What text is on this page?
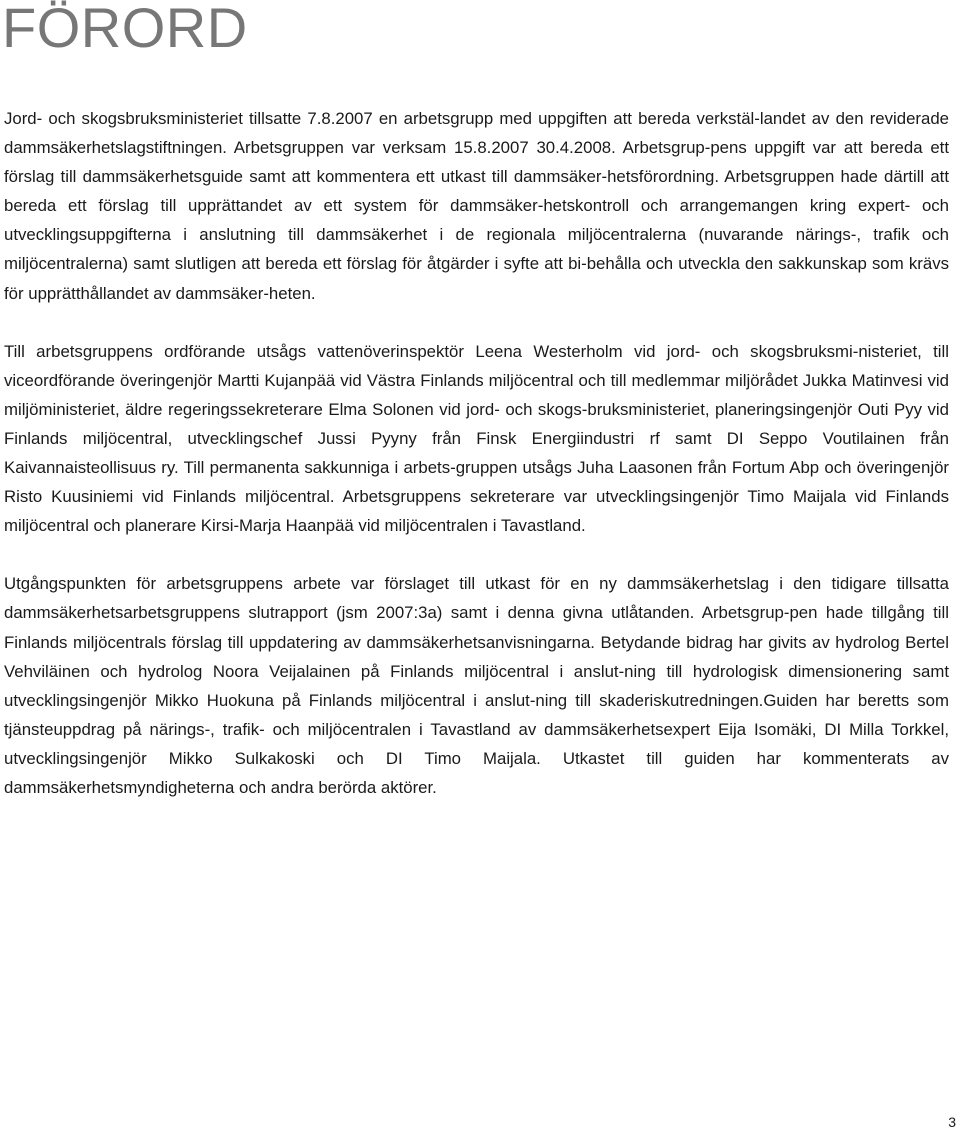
FÖRORD

Jord- och skogsbruksministeriet tillsatte 7.8.2007 en arbetsgrupp med uppgiften att bereda verkstäl-landet av den reviderade dammsäkerhetslagstiftningen. Arbetsgruppen var verksam 15.8.2007 30.4.2008. Arbetsgrup-pens uppgift var att bereda ett förslag till dammsäkerhetsguide samt att kommentera ett utkast till dammsäker-hetsförordning. Arbetsgruppen hade därtill att bereda ett förslag till upprättandet av ett system för dammsäker-hetskontroll och arrangemangen kring expert- och utvecklingsuppgifterna i anslutning till dammsäkerhet i de regionala miljöcentralerna (nuvarande närings-, trafik och miljöcentralerna) samt slutligen att bereda ett förslag för åtgärder i syfte att bi-behålla och utveckla den sakkunskap som krävs för upprätthållandet av dammsäker-heten.

Till arbetsgruppens ordförande utsågs vattenöverinspektör Leena Westerholm vid jord- och skogsbruksmi-nisteriet, till viceordförande överingenjör Martti Kujanpää vid Västra Finlands miljöcentral och till medlemmar miljörådet Jukka Matinvesi vid miljöministeriet, äldre regeringssekreterare Elma Solonen vid jord- och skogs-bruksministeriet, planeringsingenjör Outi Pyy vid Finlands miljöcentral, utvecklingschef Jussi Pyyny från Finsk Energiindustri rf samt DI Seppo Voutilainen från Kaivannaisteollisuus ry. Till permanenta sakkunniga i arbets-gruppen utsågs Juha Laasonen från Fortum Abp och överingenjör Risto Kuusiniemi vid Finlands miljöcentral. Arbetsgruppens sekreterare var utvecklingsingenjör Timo Maijala vid Finlands miljöcentral och planerare Kirsi-Marja Haanpää vid miljöcentralen i Tavastland.

Utgångspunkten för arbetsgruppens arbete var förslaget till utkast för en ny dammsäkerhetslag i den tidigare tillsatta dammsäkerhetsarbetsgruppens slutrapport (jsm 2007:3a) samt i denna givna utlåtanden. Arbetsgrup-pen hade tillgång till Finlands miljöcentrals förslag till uppdatering av dammsäkerhetsanvisningarna. Betydande bidrag har givits av hydrolog Bertel Vehviläinen och hydrolog Noora Veijalainen på Finlands miljöcentral i anslut-ning till hydrologisk dimensionering samt utvecklingsingenjör Mikko Huokuna på Finlands miljöcentral i anslut-ning till skaderiskutredningen.Guiden har beretts som tjänsteuppdrag på närings-, trafik- och miljöcentralen i Tavastland av dammsäkerhetsexpert Eija Isomäki, DI Milla Torkkel, utvecklingsingenjör Mikko Sulkakoski och DI Timo Maijala. Utkastet till guiden har kommenterats av dammsäkerhetsmyndigheterna och andra berörda aktörer.

3
